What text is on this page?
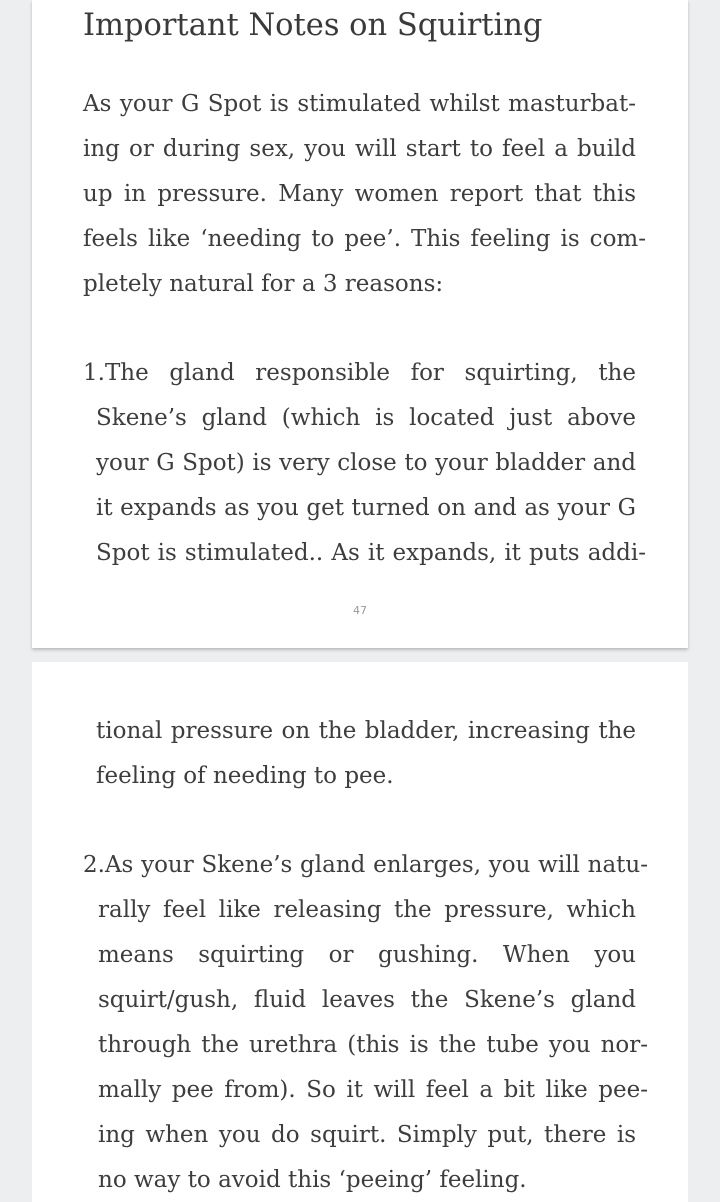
Important Notes on Squirting
As your G Spot is stimulated whilst masturbat-
ing or during sex, you will start to feel a build
up in pressure. Many women report that this
feels like ‘needing to pee’. This feeling is com-
pletely natural for a 3 reasons:
1.The gland responsible for squirting, the
Skene’s gland (which is located just above
your G Spot) is very close to your bladder and
it expands as you get turned on and as your G
Spot is stimulated.. As it expands, it puts addi-
47
tional pressure on the bladder, increasing the
feeling of needing to pee.
2.As your Skene’s gland enlarges, you will natu-
rally feel like releasing the pressure, which
means squirting or gushing. When you
squirt/gush, fluid leaves the Skene’s gland
through the urethra (this is the tube you nor-
mally pee from). So it will feel a bit like pee-
ing when you do squirt. Simply put, there is
no way to avoid this ‘peeing’ feeling.
